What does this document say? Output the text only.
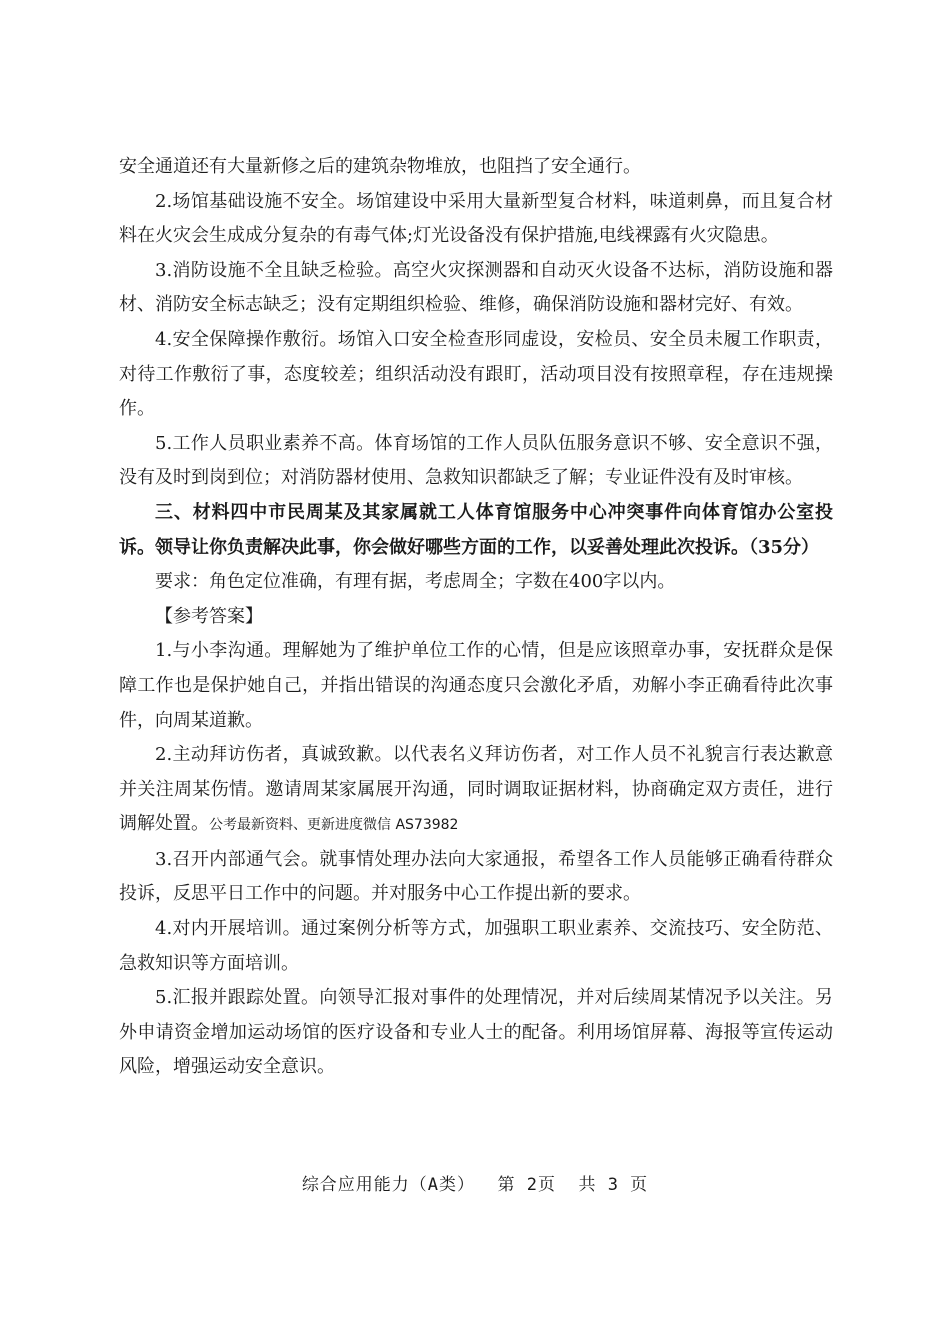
安全通道还有大量新修之后的建筑杂物堆放，也阻挡了安全通行。

2.场馆基础设施不安全。场馆建设中采用大量新型复合材料，味道刺鼻，而且复合材料在火灾会生成成分复杂的有毒气体;灯光设备没有保护措施,电线裸露有火灾隐患。

3.消防设施不全且缺乏检验。高空火灾探测器和自动灭火设备不达标，消防设施和器材、消防安全标志缺乏；没有定期组织检验、维修，确保消防设施和器材完好、有效。

4.安全保障操作敷衍。场馆入口安全检查形同虚设，安检员、安全员未履工作职责，对待工作敷衍了事，态度较差；组织活动没有跟盯，活动项目没有按照章程，存在违规操作。

5.工作人员职业素养不高。体育场馆的工作人员队伍服务意识不够、安全意识不强，没有及时到岗到位；对消防器材使用、急救知识都缺乏了解；专业证件没有及时审核。

三、材料四中市民周某及其家属就工人体育馆服务中心冲突事件向体育馆办公室投诉。领导让你负责解决此事，你会做好哪些方面的工作，以妥善处理此次投诉。（35分）

要求：角色定位准确，有理有据，考虑周全；字数在400字以内。

【参考答案】

1.与小李沟通。理解她为了维护单位工作的心情，但是应该照章办事，安抚群众是保障工作也是保护她自己，并指出错误的沟通态度只会激化矛盾，劝解小李正确看待此次事件，向周某道歉。

2.主动拜访伤者，真诚致歉。以代表名义拜访伤者，对工作人员不礼貌言行表达歉意并关注周某伤情。邀请周某家属展开沟通，同时调取证据材料，协商确定双方责任，进行调解处置。公考最新资料、更新进度微信 AS73982

3.召开内部通气会。就事情处理办法向大家通报，希望各工作人员能够正确看待群众投诉，反思平日工作中的问题。并对服务中心工作提出新的要求。

4.对内开展培训。通过案例分析等方式，加强职工职业素养、交流技巧、安全防范、急救知识等方面培训。

5.汇报并跟踪处置。向领导汇报对事件的处理情况，并对后续周某情况予以关注。另外申请资金增加运动场馆的医疗设备和专业人士的配备。利用场馆屏幕、海报等宣传运动风险，增强运动安全意识。

综合应用能力（A类）  第 2页  共 3 页
